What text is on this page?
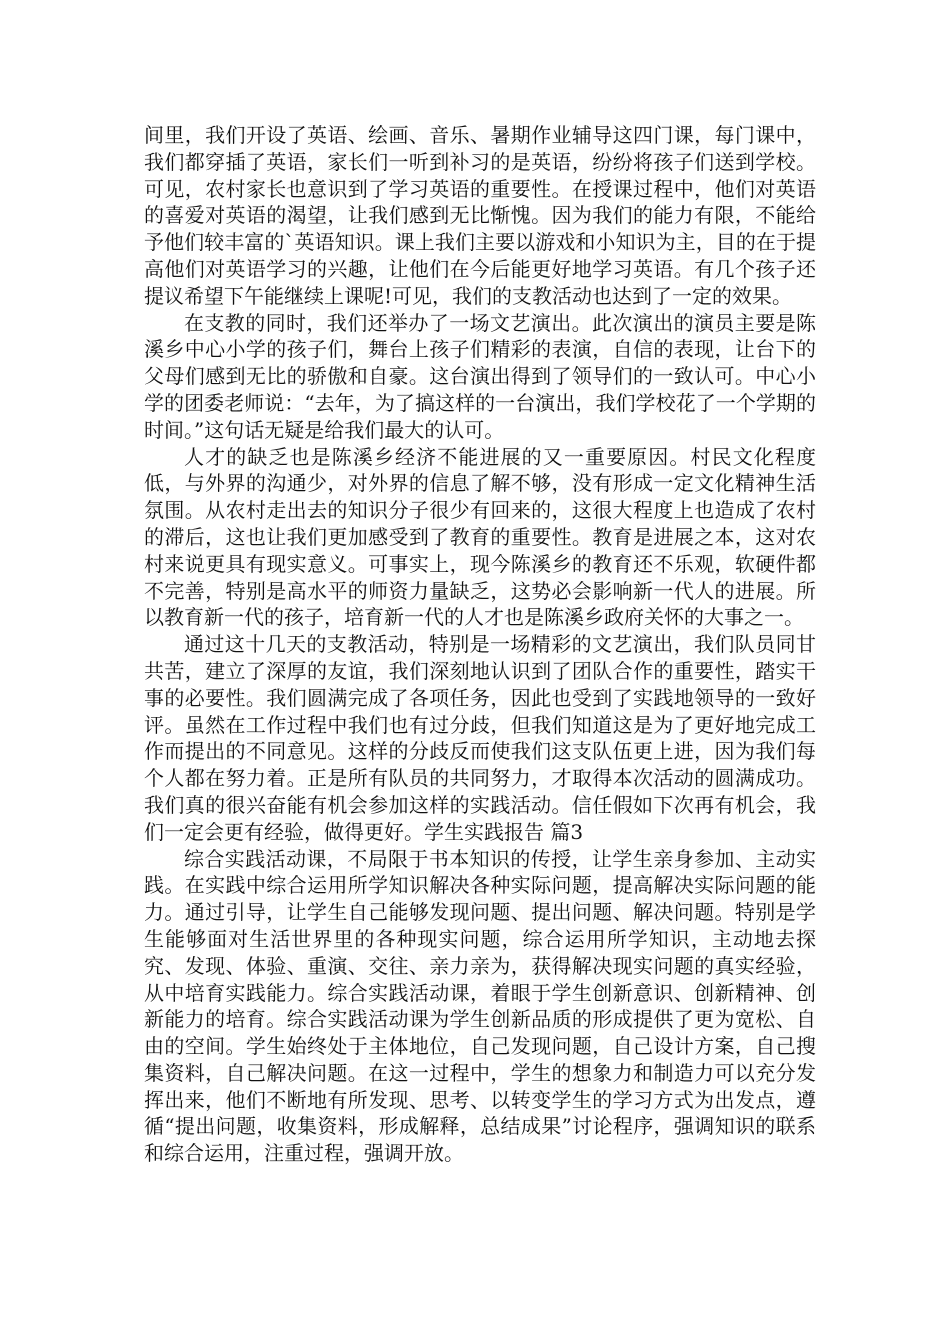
间里，我们开设了英语、绘画、音乐、暑期作业辅导这四门课，每门课中，我们都穿插了英语，家长们一听到补习的是英语，纷纷将孩子们送到学校。可见，农村家长也意识到了学习英语的重要性。在授课过程中，他们对英语的喜爱对英语的渴望，让我们感到无比惭愧。因为我们的能力有限，不能给予他们较丰富的`英语知识。课上我们主要以游戏和小知识为主，目的在于提高他们对英语学习的兴趣，让他们在今后能更好地学习英语。有几个孩子还提议希望下午能继续上课呢!可见，我们的支教活动也达到了一定的效果。

在支教的同时，我们还举办了一场文艺演出。此次演出的演员主要是陈溪乡中心小学的孩子们，舞台上孩子们精彩的表演，自信的表现，让台下的父母们感到无比的骄傲和自豪。这台演出得到了领导们的一致认可。中心小学的团委老师说：“去年，为了搞这样的一台演出，我们学校花了一个学期的时间。”这句话无疑是给我们最大的认可。

人才的缺乏也是陈溪乡经济不能进展的又一重要原因。村民文化程度低，与外界的沟通少，对外界的信息了解不够，没有形成一定文化精神生活氛围。从农村走出去的知识分子很少有回来的，这很大程度上也造成了农村的滞后，这也让我们更加感受到了教育的重要性。教育是进展之本，这对农村来说更具有现实意义。可事实上，现今陈溪乡的教育还不乐观，软硬件都不完善，特别是高水平的师资力量缺乏，这势必会影响新一代人的进展。所以教育新一代的孩子，培育新一代的人才也是陈溪乡政府关怀的大事之一。

通过这十几天的支教活动，特别是一场精彩的文艺演出，我们队员同甘共苦，建立了深厚的友谊，我们深刻地认识到了团队合作的重要性，踏实干事的必要性。我们圆满完成了各项任务，因此也受到了实践地领导的一致好评。虽然在工作过程中我们也有过分歧，但我们知道这是为了更好地完成工作而提出的不同意见。这样的分歧反而使我们这支队伍更上进，因为我们每个人都在努力着。正是所有队员的共同努力，才取得本次活动的圆满成功。我们真的很兴奋能有机会参加这样的实践活动。信任假如下次再有机会，我们一定会更有经验，做得更好。学生实践报告 篇3

综合实践活动课，不局限于书本知识的传授，让学生亲身参加、主动实践。在实践中综合运用所学知识解决各种实际问题，提高解决实际问题的能力。通过引导，让学生自己能够发现问题、提出问题、解决问题。特别是学生能够面对生活世界里的各种现实问题，综合运用所学知识，主动地去探究、发现、体验、重演、交往、亲力亲为，获得解决现实问题的真实经验，从中培育实践能力。综合实践活动课，着眼于学生创新意识、创新精神、创新能力的培育。综合实践活动课为学生创新品质的形成提供了更为宽松、自由的空间。学生始终处于主体地位，自己发现问题，自己设计方案，自己搜集资料，自己解决问题。在这一过程中，学生的想象力和制造力可以充分发挥出来，他们不断地有所发现、思考、以转变学生的学习方式为出发点，遵循“提出问题，收集资料，形成解释，总结成果”讨论程序，强调知识的联系和综合运用，注重过程，强调开放。
